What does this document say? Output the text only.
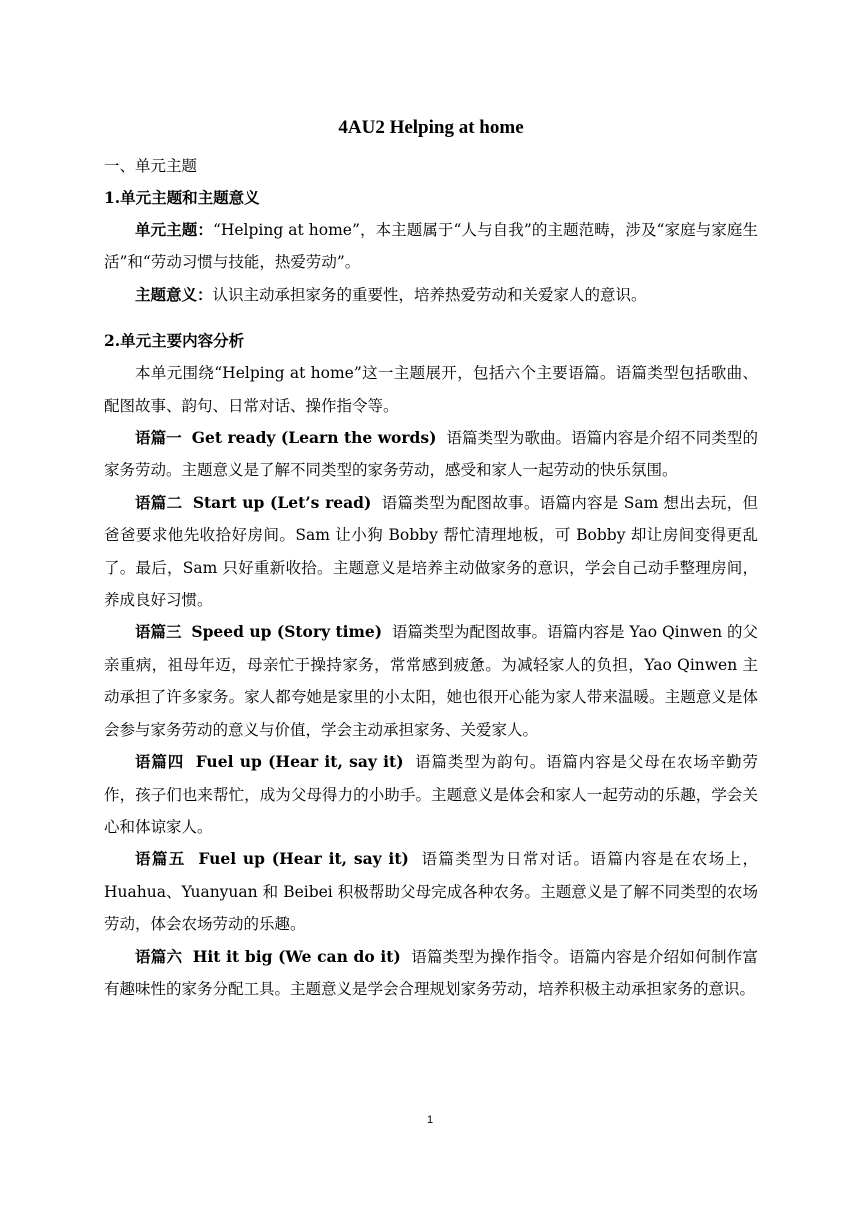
4AU2 Helping at home

一、单元主题

1.单元主题和主题意义

单元主题：“Helping at home”，本主题属于“人与自我”的主题范畴，涉及“家庭与家庭生活”和“劳动习惯与技能，热爱劳动”。

主题意义：认识主动承担家务的重要性，培养热爱劳动和关爱家人的意识。

2.单元主要内容分析

本单元围绕“Helping at home”这一主题展开，包括六个主要语篇。语篇类型包括歌曲、配图故事、韵句、日常对话、操作指令等。

语篇一 Get ready (Learn the words) 语篇类型为歌曲。语篇内容是介绍不同类型的家务劳动。主题意义是了解不同类型的家务劳动，感受和家人一起劳动的快乐氛围。

语篇二 Start up (Let’s read) 语篇类型为配图故事。语篇内容是 Sam 想出去玩，但爸爸要求他先收拾好房间。Sam 让小狗 Bobby 帮忙清理地板，可 Bobby 却让房间变得更乱了。最后，Sam 只好重新收拾。主题意义是培养主动做家务的意识，学会自己动手整理房间，养成良好习惯。

语篇三 Speed up (Story time) 语篇类型为配图故事。语篇内容是 Yao Qinwen 的父亲重病，祖母年迈，母亲忙于操持家务，常常感到疲惫。为减轻家人的负担，Yao Qinwen 主动承担了许多家务。家人都夸她是家里的小太阳，她也很开心能为家人带来温暖。主题意义是体会参与家务劳动的意义与价值，学会主动承担家务、关爱家人。

语篇四 Fuel up (Hear it, say it) 语篇类型为韵句。语篇内容是父母在农场辛勤劳作，孩子们也来帮忙，成为父母得力的小助手。主题意义是体会和家人一起劳动的乐趣，学会关心和体谅家人。

语篇五 Fuel up (Hear it, say it) 语篇类型为日常对话。语篇内容是在农场上，Huahua、Yuanyuan 和 Beibei 积极帮助父母完成各种农务。主题意义是了解不同类型的农场劳动，体会农场劳动的乐趣。

语篇六 Hit it big (We can do it) 语篇类型为操作指令。语篇内容是介绍如何制作富有趣味性的家务分配工具。主题意义是学会合理规划家务劳动，培养积极主动承担家务的意识。

1
